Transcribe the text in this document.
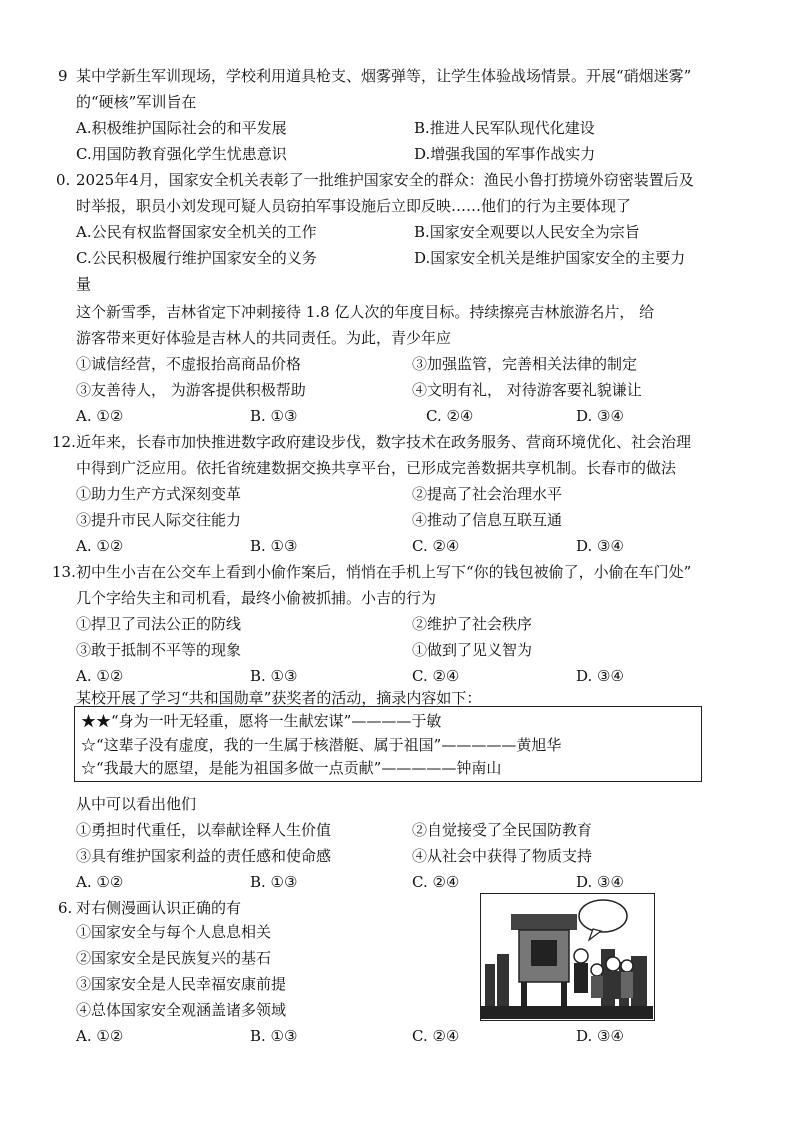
9 某中学新生军训现场，学校利用道具枪支、烟雾弹等，让学生体验战场情景。开展“硝烟迷雾”
的“硬核”军训旨在
A.积极维护国际社会的和平发展	B.推进人民军队现代化建设
C.用国防教育强化学生忧患意识	D.增强我国的军事作战实力
0. 2025年4月，国家安全机关表彰了一批维护国家安全的群众：渔民小鲁打捞境外窃密装置后及
时举报，职员小刘发现可疑人员窃拍军事设施后立即反映……他们的行为主要体现了
A.公民有权监督国家安全机关的工作	B.国家安全观要以人民安全为宗旨
C.公民积极履行维护国家安全的义务	D.国家安全机关是维护国家安全的主要力
量
这个新雪季，吉林省定下冲刺接待 1.8 亿人次的年度目标。持续擦亮吉林旅游名片， 给
游客带来更好体验是吉林人的共同责任。为此，青少年应
①诚信经营，不虚报抬高商品价格	③加强监管，完善相关法律的制定
③友善待人， 为游客提供积极帮助	④文明有礼， 对待游客要礼貌谦让
A. ①②	B. ①③	C. ②④	D. ③④
12. 近年来，长春市加快推进数字政府建设步伐，数字技术在政务服务、营商环境优化、社会治理
中得到广泛应用。依托省统建数据交换共享平台，已形成完善数据共享机制。长春市的做法
①助力生产方式深刻变革	②提高了社会治理水平
③提升市民人际交往能力	④推动了信息互联互通
A. ①②	B. ①③	C. ②④	D. ③④
13. 初中生小吉在公交车上看到小偷作案后，悄悄在手机上写下“你的钱包被偷了，小偷在车门处”
几个字给失主和司机看，最终小偷被抓捕。小吉的行为
①捍卫了司法公正的防线	②维护了社会秩序
③敢于抵制不平等的现象	①做到了见义智为
A. ①②	B. ①③	C. ②④	D. ③④
某校开展了学习“共和国勋章”获奖者的活动，摘录内容如下：
★★“身为一叶无轻重，愿将一生献宏谋”————于敏
☆“这辈子没有虚度，我的一生属于核潜艇、属于祖国”—————黄旭华
☆“我最大的愿望，是能为祖国多做一点贡献”—————钟南山
从中可以看出他们
①勇担时代重任，以奉献诠释人生价值	②自觉接受了全民国防教育
③具有维护国家利益的责任感和使命感	④从社会中获得了物质支持
A. ①②	B. ①③	C. ②④	D. ③④
6. 对右侧漫画认识正确的有
①国家安全与每个人息息相关
②国家安全是民族复兴的基石
③国家安全是人民幸福安康前提
④总体国家安全观涵盖诸多领域
A. ①②	B. ①③	C. ②④	D. ③④
